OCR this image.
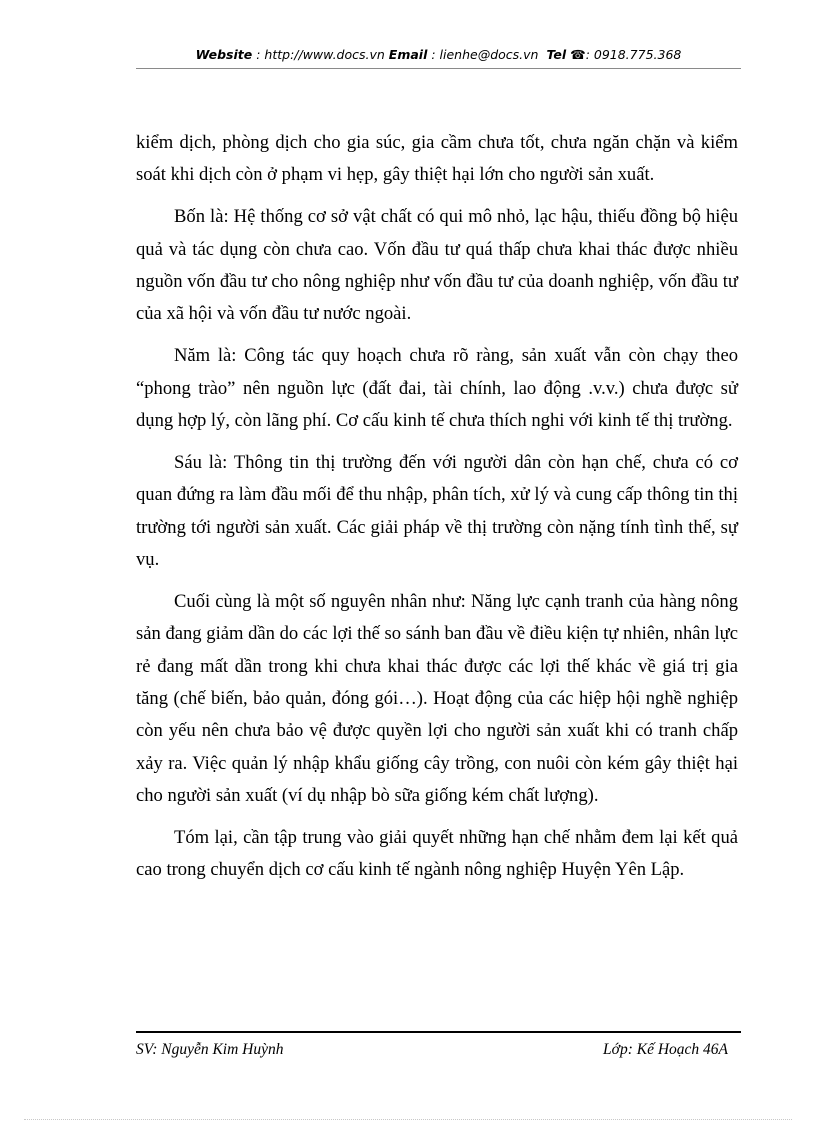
Website : http://www.docs.vn Email : lienhe@docs.vn Tel ☎: 0918.775.368

kiểm dịch, phòng dịch cho gia súc, gia cầm chưa tốt, chưa ngăn chặn và kiểm soát khi dịch còn ở phạm vi hẹp, gây thiệt hại lớn cho người sản xuất.

Bốn là: Hệ thống cơ sở vật chất có qui mô nhỏ, lạc hậu, thiếu đồng bộ hiệu quả và tác dụng còn chưa cao. Vốn đầu tư quá thấp chưa khai thác được nhiều nguồn vốn đầu tư cho nông nghiệp như vốn đầu tư của doanh nghiệp, vốn đầu tư của xã hội và vốn đầu tư nước ngoài.

Năm là: Công tác quy hoạch chưa rõ ràng, sản xuất vẫn còn chạy theo “phong trào” nên nguồn lực (đất đai, tài chính, lao động .v.v.) chưa được sử dụng hợp lý, còn lãng phí. Cơ cấu kinh tế chưa thích nghi với kinh tế thị trường.

Sáu là: Thông tin thị trường đến với người dân còn hạn chế, chưa có cơ quan đứng ra làm đầu mối để thu nhập, phân tích, xử lý và cung cấp thông tin thị trường tới người sản xuất. Các giải pháp về thị trường còn nặng tính tình thế, sự vụ.

Cuối cùng là một số nguyên nhân như: Năng lực cạnh tranh của hàng nông sản đang giảm dần do các lợi thế so sánh ban đầu về điều kiện tự nhiên, nhân lực rẻ đang mất dần trong khi chưa khai thác được các lợi thế khác về giá trị gia tăng (chế biến, bảo quản, đóng gói…). Hoạt động của các hiệp hội nghề nghiệp còn yếu nên chưa bảo vệ được quyền lợi cho người sản xuất khi có tranh chấp xảy ra. Việc quản lý nhập khẩu giống cây trồng, con nuôi còn kém gây thiệt hại cho người sản xuất (ví dụ nhập bò sữa giống kém chất lượng).

Tóm lại, cần tập trung vào giải quyết những hạn chế nhằm đem lại kết quả cao trong chuyển dịch cơ cấu kinh tế ngành nông nghiệp Huyện Yên Lập.

SV: Nguyễn Kim Huỳnh	Lớp: Kế Hoạch 46A
